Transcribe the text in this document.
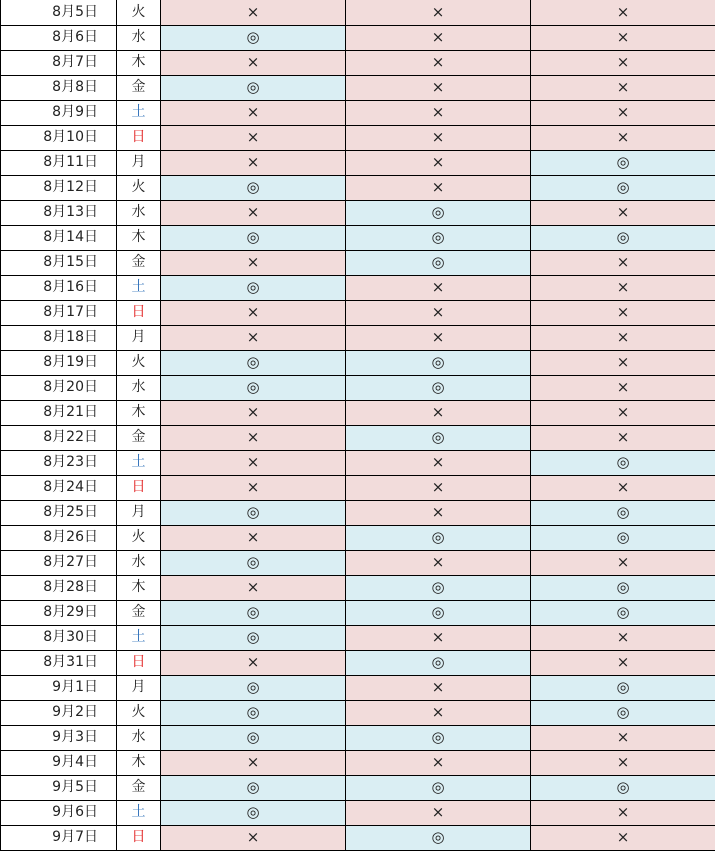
8月5日	火	×	×	×
8月6日	水	◎	×	×
8月7日	木	×	×	×
8月8日	金	◎	×	×
8月9日	土	×	×	×
8月10日	日	×	×	×
8月11日	月	×	×	◎
8月12日	火	◎	×	◎
8月13日	水	×	◎	×
8月14日	木	◎	◎	◎
8月15日	金	×	◎	×
8月16日	土	◎	×	×
8月17日	日	×	×	×
8月18日	月	×	×	×
8月19日	火	◎	◎	×
8月20日	水	◎	◎	×
8月21日	木	×	×	×
8月22日	金	×	◎	×
8月23日	土	×	×	◎
8月24日	日	×	×	×
8月25日	月	◎	×	◎
8月26日	火	×	◎	◎
8月27日	水	◎	×	×
8月28日	木	×	◎	◎
8月29日	金	◎	◎	◎
8月30日	土	◎	×	×
8月31日	日	×	◎	×
9月1日	月	◎	×	◎
9月2日	火	◎	×	◎
9月3日	水	◎	◎	×
9月4日	木	×	×	×
9月5日	金	◎	◎	◎
9月6日	土	◎	×	×
9月7日	日	×	◎	×
